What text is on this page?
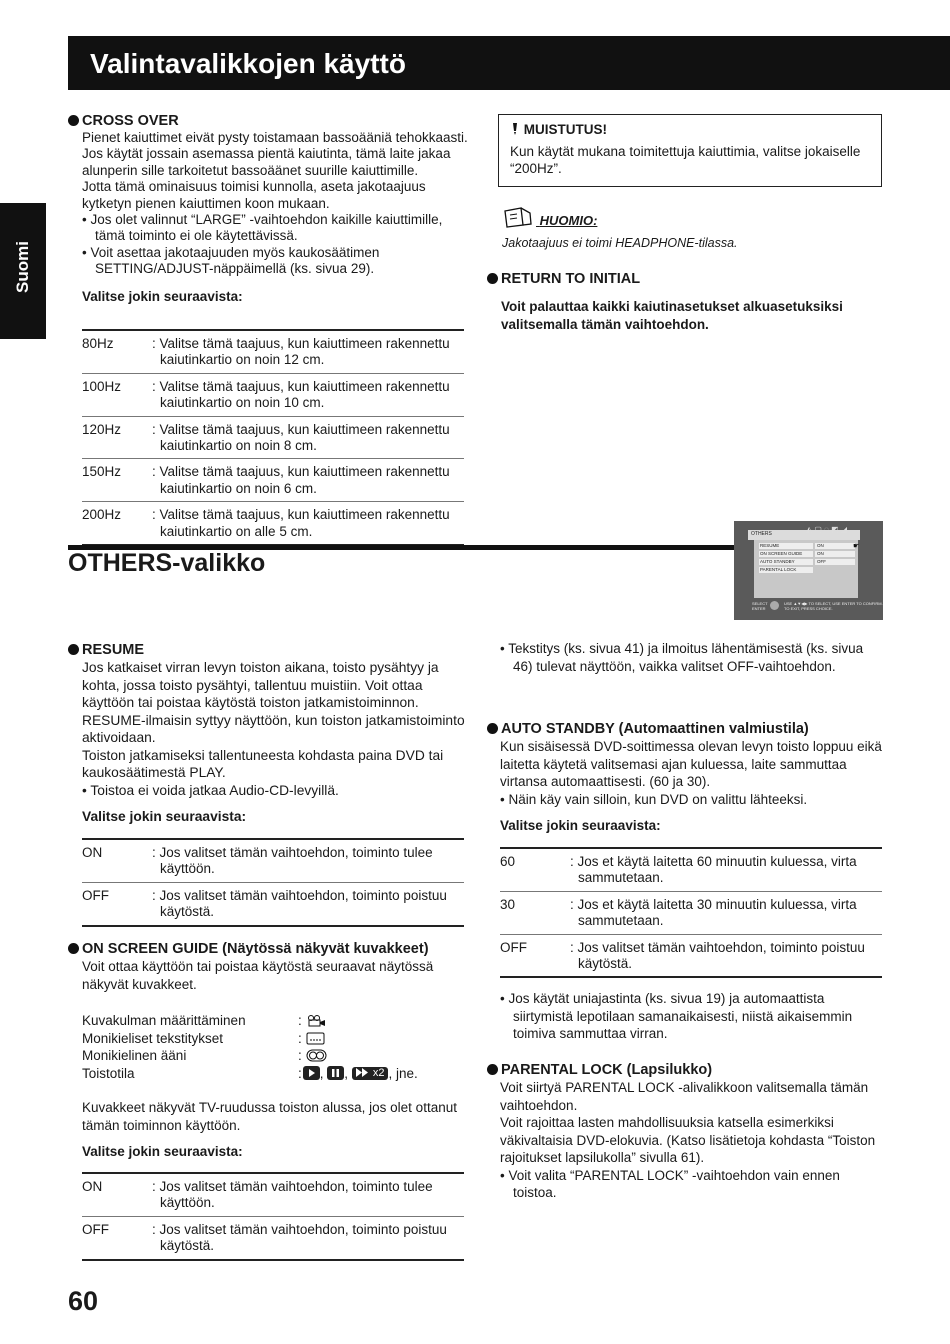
Valintavalikkojen käyttö
Suomi
CROSS OVER

Pienet kaiuttimet eivät pysty toistamaan bassoääniä tehokkaasti. Jos käytät jossain asemassa pientä kaiutinta, tämä laite jakaa alunperin sille tarkoitetut bassoäänet suurille kaiuttimille.

Jotta tämä ominaisuus toimisi kunnolla, aseta jakotaajuus kytketyn pienen kaiuttimen koon mukaan.

• Jos olet valinnut “LARGE” -vaihtoehdon kaikille kaiuttimille, tämä toiminto ei ole käytettävissä.

• Voit asettaa jakotaajuuden myös kaukosäätimen SETTING/ADJUST-näppäimellä (ks. sivua 29).

Valitse jokin seuraavista:

80Hz	: Valitse tämä taajuus, kun kaiuttimeen rakennettu kaiutinkartio on noin 12 cm.
100Hz	: Valitse tämä taajuus, kun kaiuttimeen rakennettu kaiutinkartio on noin 10 cm.
120Hz	: Valitse tämä taajuus, kun kaiuttimeen rakennettu kaiutinkartio on noin 8 cm.
150Hz	: Valitse tämä taajuus, kun kaiuttimeen rakennettu kaiutinkartio on noin 6 cm.
200Hz	: Valitse tämä taajuus, kun kaiuttimeen rakennettu kaiutinkartio on alle 5 cm.
MUISTUTUS!

Kun käytät mukana toimitettuja kaiuttimia, valitse jokaiselle “200Hz”.

HUOMIO:
Jakotaajuus ei toimi HEADPHONE-tilassa.
RETURN TO INITIAL

Voit palauttaa kaikki kaiutinasetukset alkuasetuksiksi valitsemalla tämän vaihtoehdon.

OTHERS-valikko
OTHERS	◭ ▢ ◌ ◩ ◢
RESUME	ON
ON SCREEN GUIDE	ON
AUTO STANDBY	OFF
PARENTAL LOCK
☛
SELECT
ENTER
USE ▲▼◀▶ TO SELECT, USE ENTER TO CONFIRM.
TO EXIT, PRESS CHOICE.
RESUME

Jos katkaiset virran levyn toiston aikana, toisto pysähtyy ja kohta, jossa toisto pysähtyi, tallentuu muistiin. Voit ottaa käyttöön tai poistaa käytöstä toiston jatkamistoiminnon. RESUME-ilmaisin syttyy näyttöön, kun toiston jatkamistoiminto aktivoidaan.

Toiston jatkamiseksi tallentuneesta kohdasta paina DVD tai kaukosäätimestä PLAY.

• Toistoa ei voida jatkaa Audio-CD-levyillä.

Valitse jokin seuraavista:

ON	: Jos valitset tämän vaihtoehdon, toiminto tulee käyttöön.
OFF	: Jos valitset tämän vaihtoehdon, toiminto poistuu käytöstä.
ON SCREEN GUIDE (Näytössä näkyvät kuvakkeet)

Voit ottaa käyttöön tai poistaa käytöstä seuraavat näytössä näkyvät kuvakkeet.

Kuvakulman määrittäminen	:
Monikieliset tekstitykset	:
Monikielinen ääni	:
Toistotila	: , ,  x2 , jne.

Kuvakkeet näkyvät TV-ruudussa toiston alussa, jos olet ottanut tämän toiminnon käyttöön.

Valitse jokin seuraavista:

ON	: Jos valitset tämän vaihtoehdon, toiminto tulee käyttöön.
OFF	: Jos valitset tämän vaihtoehdon, toiminto poistuu käytöstä.

• Tekstitys (ks. sivua 41) ja ilmoitus lähentämisestä (ks. sivua 46) tulevat näyttöön, vaikka valitset OFF-vaihtoehdon.

AUTO STANDBY (Automaattinen valmiustila)

Kun sisäisessä DVD-soittimessa olevan levyn toisto loppuu eikä laitetta käytetä valitsemasi ajan kuluessa, laite sammuttaa virtansa automaattisesti. (60 ja 30).

• Näin käy vain silloin, kun DVD on valittu lähteeksi.

Valitse jokin seuraavista:

60	: Jos et käytä laitetta 60 minuutin kuluessa, virta sammutetaan.
30	: Jos et käytä laitetta 30 minuutin kuluessa, virta sammutetaan.
OFF	: Jos valitset tämän vaihtoehdon, toiminto poistuu käytöstä.

• Jos käytät uniajastinta (ks. sivua 19) ja automaattista siirtymistä lepotilaan samanaikaisesti, niistä aikaisemmin toimiva sammuttaa virran.

PARENTAL LOCK (Lapsilukko)

Voit siirtyä PARENTAL LOCK -alivalikkoon valitsemalla tämän vaihtoehdon.

Voit rajoittaa lasten mahdollisuuksia katsella esimerkiksi väkivaltaisia DVD-elokuvia. (Katso lisätietoja kohdasta “Toiston rajoitukset lapsilukolla” sivulla 61).

• Voit valita “PARENTAL LOCK” -vaihtoehdon vain ennen toistoa.

60
